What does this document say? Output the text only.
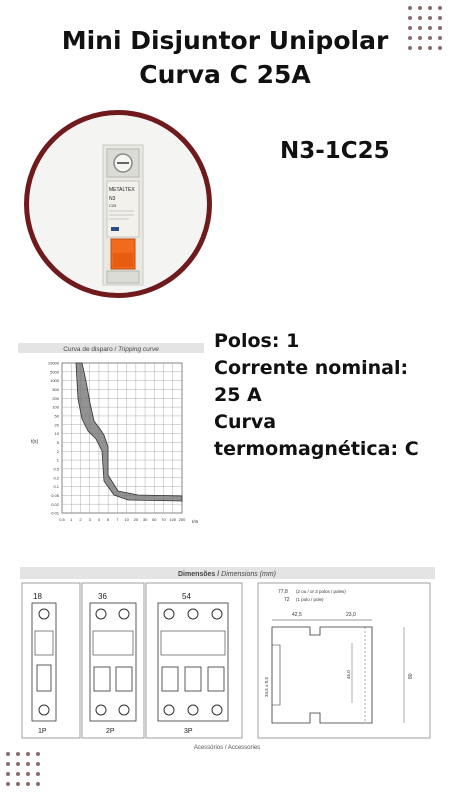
Mini Disjuntor Unipolar
Curva C 25A
N3-1C25
METALTEX
N3
C25
Polos: 1
Corrente nominal:
25 A
Curva
termomagnética: C
Curva de disparo / Tripping curve
t(s)
10000
5000
1000
500
200
100
50
20
10
5
2
1
0.5
0.2
0.1
0.05
0.02
0.01
0.5 1 2 3 4 5 7 10 20 30 50 70 100 200 I/In
Dimensões / Dimensions (mm)
18
1P
36
2P
54
3P
77,8 (2 ou / or 3 polos / poles)
72 (1 polo / pole)
42,5	23,0
45,0
34,5 ± 0,5
80
Acessórios / Accessories
